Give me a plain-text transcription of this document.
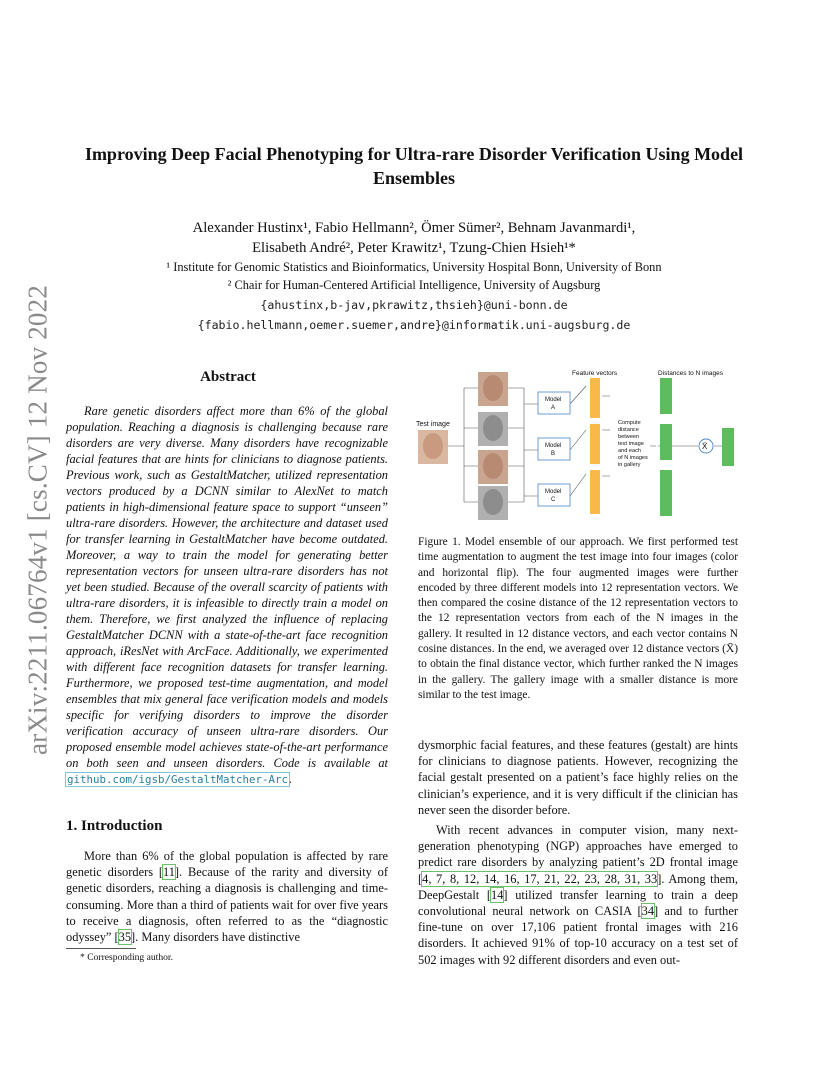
arXiv:2211.06764v1 [cs.CV] 12 Nov 2022
Improving Deep Facial Phenotyping for Ultra-rare Disorder Verification Using Model Ensembles
Alexander Hustinx¹, Fabio Hellmann², Ömer Sümer², Behnam Javanmardi¹,
Elisabeth André², Peter Krawitz¹, Tzung-Chien Hsieh¹*
¹ Institute for Genomic Statistics and Bioinformatics, University Hospital Bonn, University of Bonn
² Chair for Human-Centered Artificial Intelligence, University of Augsburg
{ahustinx,b-jav,pkrawitz,thsieh}@uni-bonn.de
{fabio.hellmann,oemer.suemer,andre}@informatik.uni-augsburg.de
Abstract
Rare genetic disorders affect more than 6% of the global population. Reaching a diagnosis is challenging because rare disorders are very diverse. Many disorders have recognizable facial features that are hints for clinicians to diagnose patients. Previous work, such as GestaltMatcher, utilized representation vectors produced by a DCNN similar to AlexNet to match patients in high-dimensional feature space to support “unseen” ultra-rare disorders. However, the architecture and dataset used for transfer learning in GestaltMatcher have become outdated. Moreover, a way to train the model for generating better representation vectors for unseen ultra-rare disorders has not yet been studied. Because of the overall scarcity of patients with ultra-rare disorders, it is infeasible to directly train a model on them. Therefore, we first analyzed the influence of replacing GestaltMatcher DCNN with a state-of-the-art face recognition approach, iResNet with ArcFace. Additionally, we experimented with different face recognition datasets for transfer learning. Furthermore, we proposed test-time augmentation, and model ensembles that mix general face verification models and models specific for verifying disorders to improve the disorder verification accuracy of unseen ultra-rare disorders. Our proposed ensemble model achieves state-of-the-art performance on both seen and unseen disorders. Code is available at github.com/igsb/GestaltMatcher-Arc.
1. Introduction
More than 6% of the global population is affected by rare genetic disorders [11]. Because of the rarity and diversity of genetic disorders, reaching a diagnosis is challenging and time-consuming. More than a third of patients wait for over five years to receive a diagnosis, often referred to as the “diagnostic odyssey” [35]. Many disorders have distinctive
* Corresponding author.
Test image
Model
A
Model
B
Model
C
Feature vectors
Compute
distance
between
test image
and each
of N images
in gallery
Distances to N images
X̄
Figure 1. Model ensemble of our approach. We first performed test time augmentation to augment the test image into four images (color and horizontal flip). The four augmented images were further encoded by three different models into 12 representation vectors. We then compared the cosine distance of the 12 representation vectors to the 12 representation vectors from each of the N images in the gallery. It resulted in 12 distance vectors, and each vector contains N cosine distances. In the end, we averaged over 12 distance vectors (X̄) to obtain the final distance vector, which further ranked the N images in the gallery. The gallery image with a smaller distance is more similar to the test image.
dysmorphic facial features, and these features (gestalt) are hints for clinicians to diagnose patients. However, recognizing the facial gestalt presented on a patient’s face highly relies on the clinician’s experience, and it is very difficult if the clinician has never seen the disorder before.
With recent advances in computer vision, many next-generation phenotyping (NGP) approaches have emerged to predict rare disorders by analyzing patient’s 2D frontal image [4, 7, 8, 12, 14, 16, 17, 21, 22, 23, 28, 31, 33]. Among them, DeepGestalt [14] utilized transfer learning to train a deep convolutional neural network on CASIA [34] and to further fine-tune on over 17,106 patient frontal images with 216 disorders. It achieved 91% of top-10 accuracy on a test set of 502 images with 92 different disorders and even out-
